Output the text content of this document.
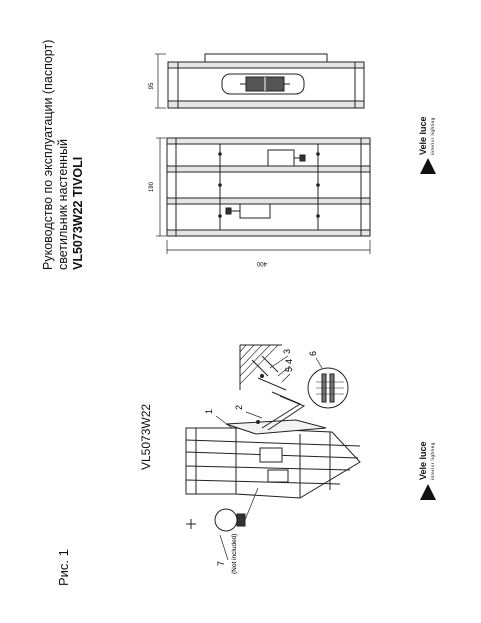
Руководство по эксплуатации (паспорт) светильник настенный VL5073W22 TIVOLI
Рис. 1
VL5073W22
Vele luce interior lighting
Vele luce interior lighting
95
190
400
1
2
3
4
5
6
7 (Not included)
